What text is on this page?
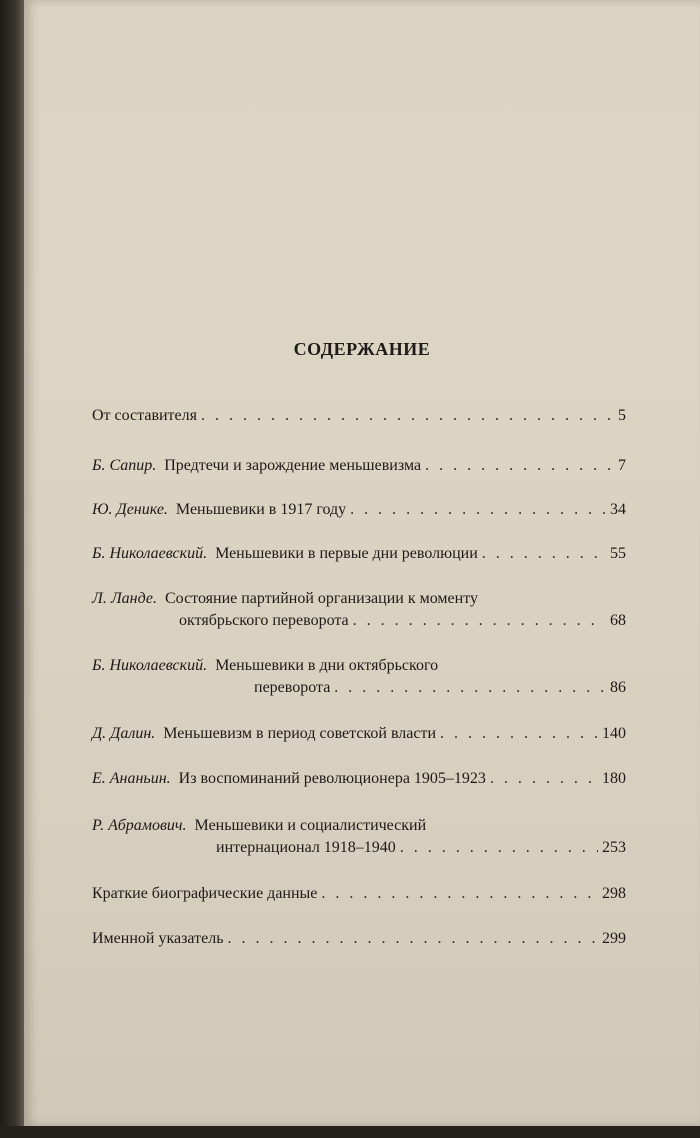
СОДЕРЖАНИЕ
От составителя . . .	5
Б. Сапир. Предтечи и зарождение меньшевизма . . .	7
Ю. Денике. Меньшевики в 1917 году . . .	34
Б. Николаевский. Меньшевики в первые дни революции . . .	55
Л. Ланде. Состояние партийной организации к моменту
октябрьского переворота . . .	68
Б. Николаевский. Меньшевики в дни октябрьского
переворота . . .	86
Д. Далин. Меньшевизм в период советской власти . . .	140
Е. Ананьин. Из воспоминаний революционера 1905–1923 . . .	180
Р. Абрамович. Меньшевики и социалистический
интернационал 1918–1940 . . .	253
Краткие биографические данные . . .	298
Именной указатель . . .	299
